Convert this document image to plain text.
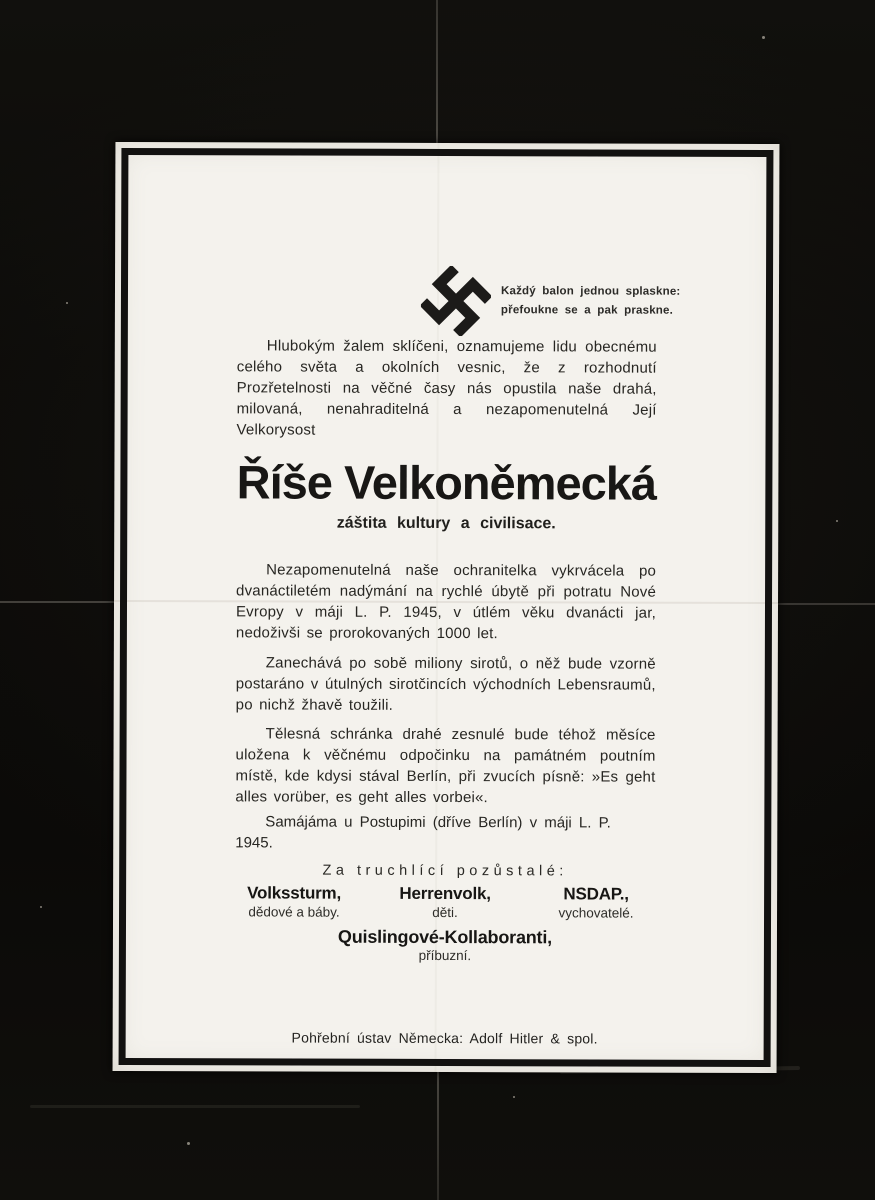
Každý balon jednou splaskne:
přefoukne se a pak praskne.

Hlubokým žalem sklíčeni, oznamujeme lidu obecnému celého světa a okolních vesnic, že z rozhodnutí Prozřetelnosti na věčné časy nás opustila naše drahá, milovaná, nenahraditelná a nezapomenutelná Její Velkorysost

Říše Velkoněmecká
záštita kultury a civilisace.

Nezapomenutelná naše ochranitelka vykrvácela po dvanáctiletém nadýmání na rychlé úbytě při potratu Nové Evropy v máji L. P. 1945, v útlém věku dvanácti jar, nedoživši se prorokovaných 1000 let.

Zanechává po sobě miliony sirotů, o něž bude vzorně postaráno v útulných sirotčincích východních Lebensraumů, po nichž žhavě toužili.

Tělesná schránka drahé zesnulé bude téhož měsíce uložena k věčnému odpočinku na památném poutním místě, kde kdysi stával Berlín, při zvucích písně: »Es geht alles vorüber, es geht alles vorbei«.

Samájáma u Postupimi (dříve Berlín) v máji L. P. 1945.
Za truchlící pozůstalé:
Volkssturm,
dědové a báby.
Herrenvolk,
děti.
NSDAP.,
vychovatelé.
Quislingové-Kollaboranti,
příbuzní.
Pohřební ústav Německa: Adolf Hitler & spol.
